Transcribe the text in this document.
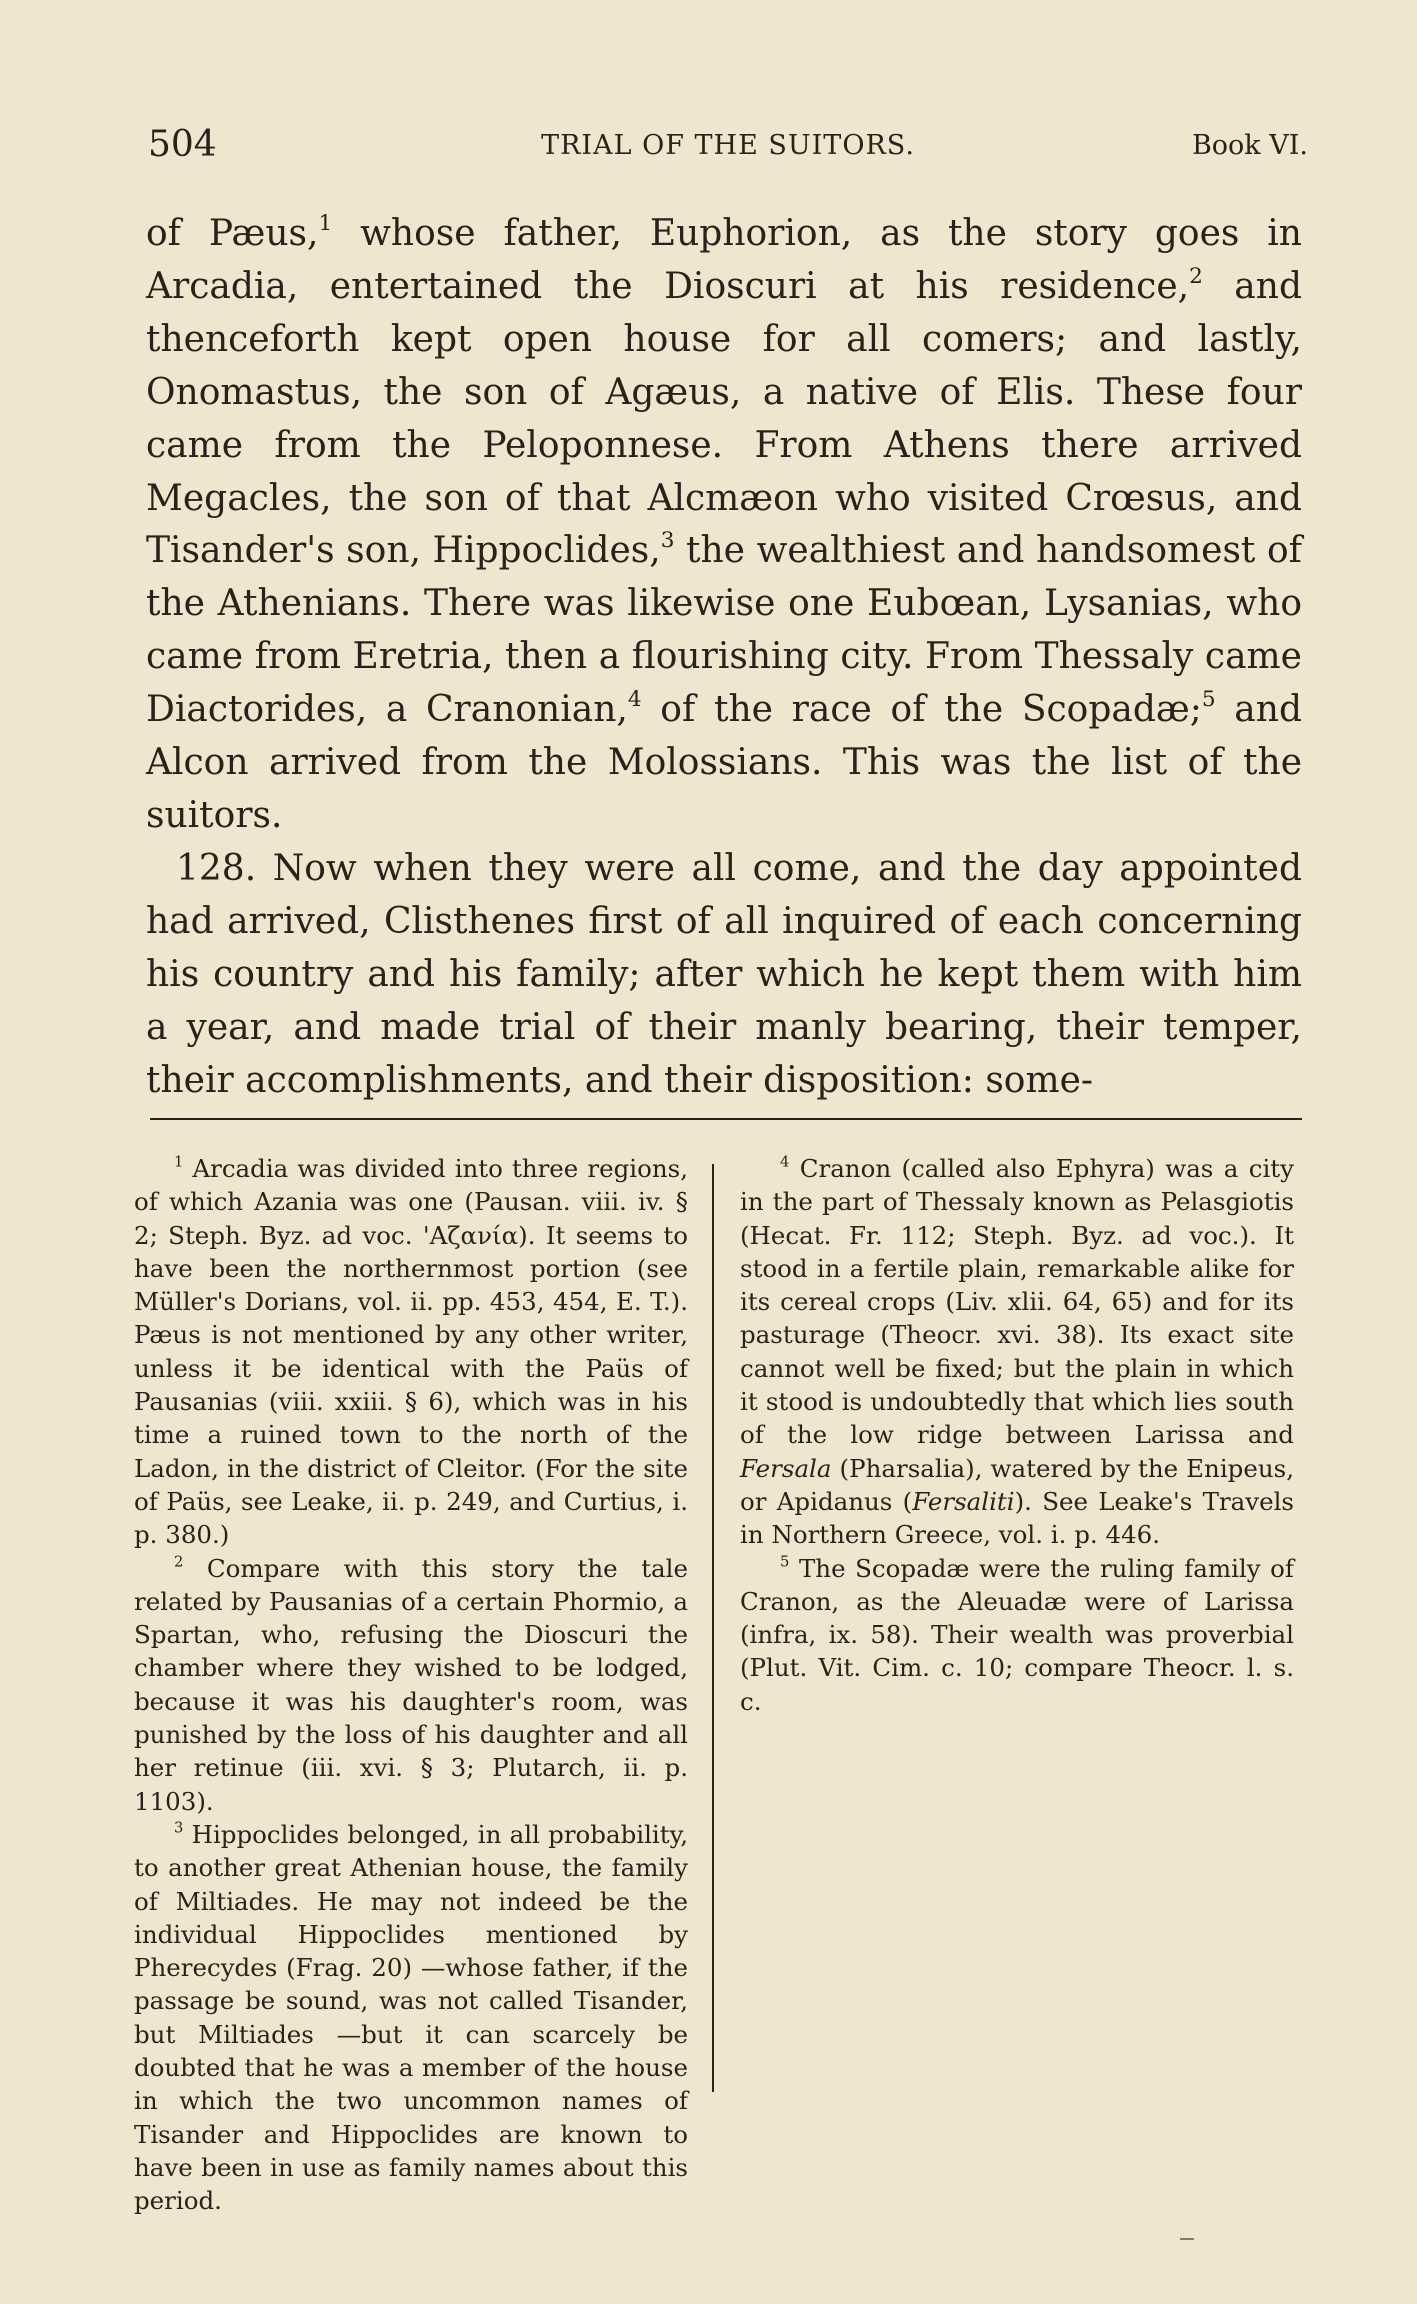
504	TRIAL OF THE SUITORS.	Book VI.

of Pæus,$^1$ whose father, Euphorion, as the story goes in Arcadia, entertained the Dioscuri at his residence,$^2$ and thenceforth kept open house for all comers; and lastly, Onomastus, the son of Agæus, a native of Elis. These four came from the Peloponnese. From Athens there arrived Megacles, the son of that Alcmæon who visited Crœsus, and Tisander's son, Hippoclides,$^3$ the wealthiest and handsomest of the Athenians. There was likewise one Eubœan, Lysanias, who came from Eretria, then a flourishing city. From Thessaly came Diactorides, a Cranonian,$^4$ of the race of the Scopadæ;$^5$ and Alcon arrived from the Molossians. This was the list of the suitors.

128. Now when they were all come, and the day appointed had arrived, Clisthenes first of all inquired of each concerning his country and his family; after which he kept them with him a year, and made trial of their manly bearing, their temper, their accomplishments, and their disposition: some-

$^1$ Arcadia was divided into three regions, of which Azania was one (Pausan. viii. iv. § 2; Steph. Byz. ad voc. 'Aζανία). It seems to have been the northernmost portion (see Müller's Dorians, vol. ii. pp. 453, 454, E. T.). Pæus is not mentioned by any other writer, unless it be identical with the Paüs of Pausanias (viii. xxiii. § 6), which was in his time a ruined town to the north of the Ladon, in the district of Cleitor. (For the site of Paüs, see Leake, ii. p. 249, and Curtius, i. p. 380.)

$^2$ Compare with this story the tale related by Pausanias of a certain Phormio, a Spartan, who, refusing the Dioscuri the chamber where they wished to be lodged, because it was his daughter's room, was punished by the loss of his daughter and all her retinue (iii. xvi. § 3; Plutarch, ii. p. 1103).

$^3$ Hippoclides belonged, in all probability, to another great Athenian house, the family of Miltiades. He may not indeed be the individual Hippoclides mentioned by Pherecydes (Frag. 20) —whose father, if the passage be sound, was not called Tisander, but Miltiades —but it can scarcely be doubted that he was a member of the house in which the two uncommon names of Tisander and Hippoclides are known to have been in use as family names about this period.

$^4$ Cranon (called also Ephyra) was a city in the part of Thessaly known as Pelasgiotis (Hecat. Fr. 112; Steph. Byz. ad voc.). It stood in a fertile plain, remarkable alike for its cereal crops (Liv. xlii. 64, 65) and for its pasturage (Theocr. xvi. 38). Its exact site cannot well be fixed; but the plain in which it stood is undoubtedly that which lies south of the low ridge between Larissa and Fersala (Pharsalia), watered by the Enipeus, or Apidanus (Fersaliti). See Leake's Travels in Northern Greece, vol. i. p. 446.

$^5$ The Scopadæ were the ruling family of Cranon, as the Aleuadæ were of Larissa (infra, ix. 58). Their wealth was proverbial (Plut. Vit. Cim. c. 10; compare Theocr. l. s. c.
